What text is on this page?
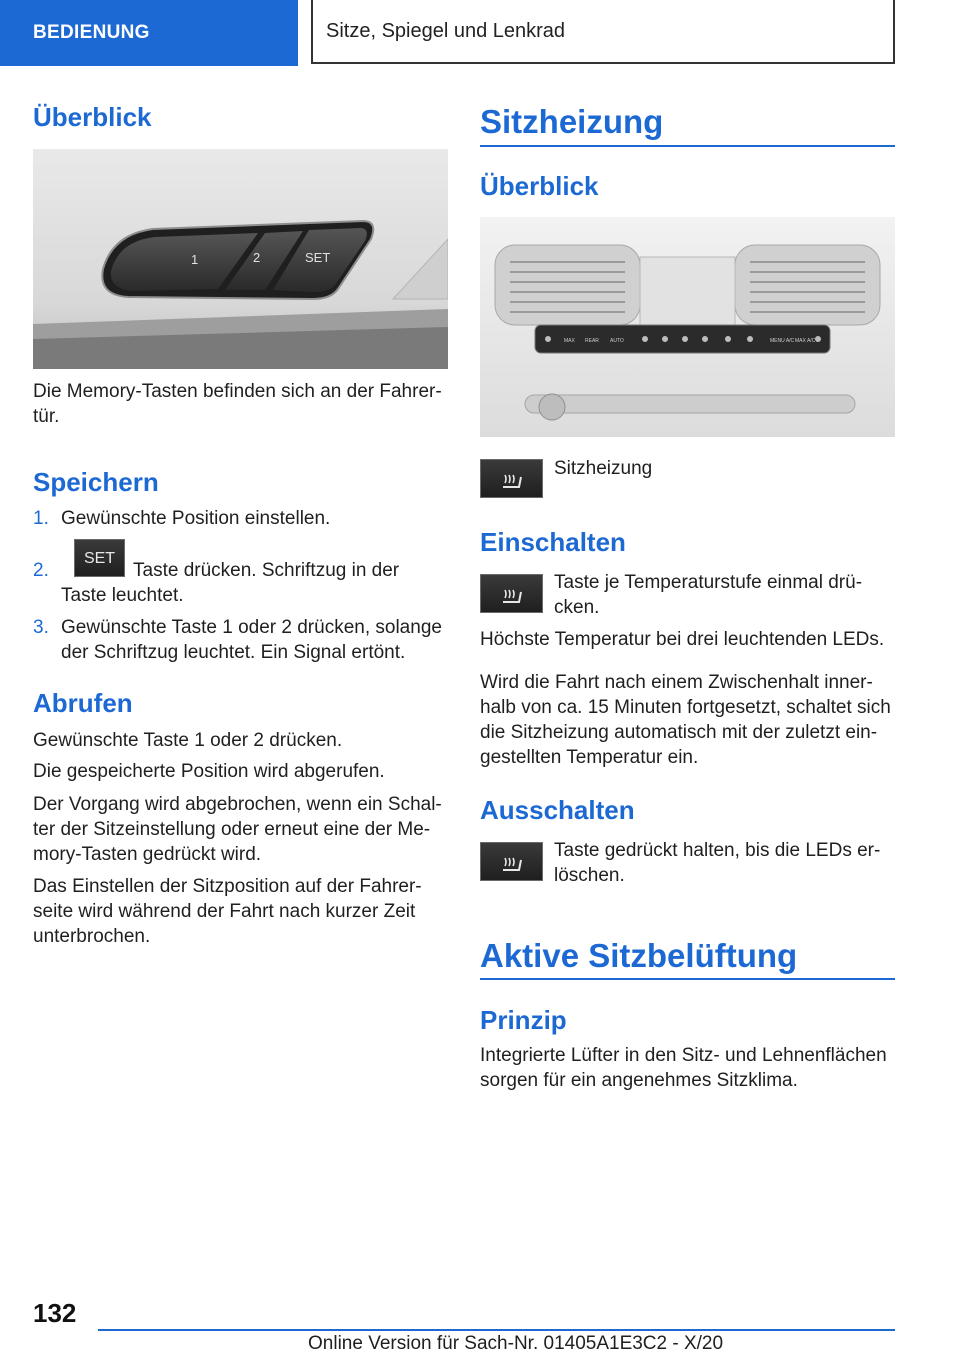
BEDIENUNG	Sitze, Spiegel und Lenkrad
Überblick
1	2	SET
Die Memory-Tasten befinden sich an der Fahrer-
tür.
Speichern
1. Gewünschte Position einstellen.
2.
SET
Taste drücken. Schriftzug in der
Taste leuchtet.
3. Gewünschte Taste 1 oder 2 drücken, solange
der Schriftzug leuchtet. Ein Signal ertönt.
Abrufen
Gewünschte Taste 1 oder 2 drücken.
Die gespeicherte Position wird abgerufen.
Der Vorgang wird abgebrochen, wenn ein Schal-
ter der Sitzeinstellung oder erneut eine der Me-
mory-Tasten gedrückt wird.
Das Einstellen der Sitzposition auf der Fahrer-
seite wird während der Fahrt nach kurzer Zeit
unterbrochen.
Sitzheizung
Überblick
MAX REAR AUTO	MENU A/C MAX A/C
Sitzheizung
Einschalten
Taste je Temperaturstufe einmal drü-
cken.
Höchste Temperatur bei drei leuchtenden LEDs.
Wird die Fahrt nach einem Zwischenhalt inner-
halb von ca. 15 Minuten fortgesetzt, schaltet sich
die Sitzheizung automatisch mit der zuletzt ein-
gestellten Temperatur ein.
Ausschalten
Taste gedrückt halten, bis die LEDs er-
löschen.
Aktive Sitzbelüftung
Prinzip
Integrierte Lüfter in den Sitz- und Lehnenflächen
sorgen für ein angenehmes Sitzklima.
132
Online Version für Sach-Nr. 01405A1E3C2 - X/20
